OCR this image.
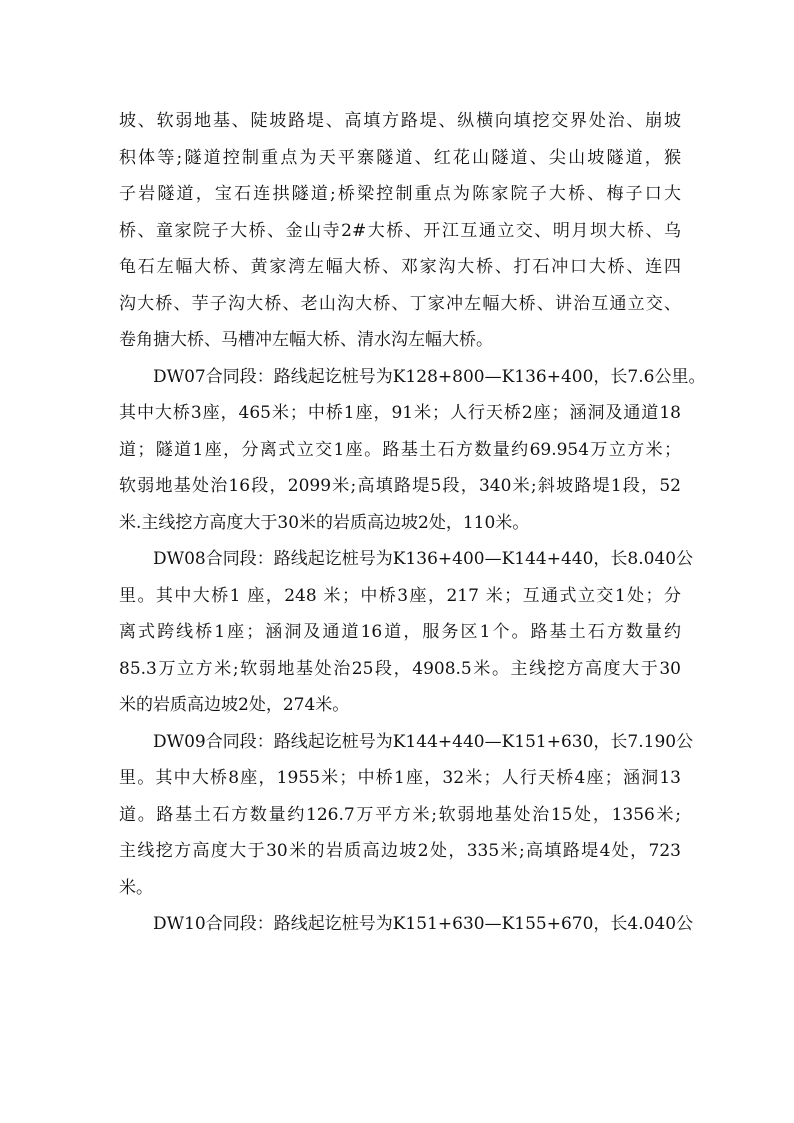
坡、软弱地基、陡坡路堤、高填方路堤、纵横向填挖交界处治、崩坡
积体等;隧道控制重点为天平寨隧道、红花山隧道、尖山坡隧道，猴
子岩隧道，宝石连拱隧道;桥梁控制重点为陈家院子大桥、梅子口大
桥、童家院子大桥、金山寺2#大桥、开江互通立交、明月坝大桥、乌
龟石左幅大桥、黄家湾左幅大桥、邓家沟大桥、打石冲口大桥、连四
沟大桥、芋子沟大桥、老山沟大桥、丁家冲左幅大桥、讲治互通立交、
卷角搪大桥、马槽冲左幅大桥、清水沟左幅大桥。
DW07合同段：路线起讫桩号为K128+800—K136+400，长7.6公里。
其中大桥3座，465米；中桥1座，91米；人行天桥2座；涵洞及通道18
道；隧道1座，分离式立交1座。路基土石方数量约69.954万立方米；
软弱地基处治16段，2099米;高填路堤5段，340米;斜坡路堤1段，52
米.主线挖方高度大于30米的岩质高边坡2处，110米。
DW08合同段：路线起讫桩号为K136+400—K144+440，长8.040公
里。其中大桥1 座，248 米；中桥3座，217 米；互通式立交1处；分
离式跨线桥1座；涵洞及通道16道，服务区1个。路基土石方数量约
85.3万立方米;软弱地基处治25段，4908.5米。主线挖方高度大于30
米的岩质高边坡2处，274米。
DW09合同段：路线起讫桩号为K144+440—K151+630，长7.190公
里。其中大桥8座，1955米；中桥1座，32米；人行天桥4座；涵洞13
道。路基土石方数量约126.7万平方米;软弱地基处治15处，1356米;
主线挖方高度大于30米的岩质高边坡2处，335米;高填路堤4处，723
米。
DW10合同段：路线起讫桩号为K151+630—K155+670，长4.040公
